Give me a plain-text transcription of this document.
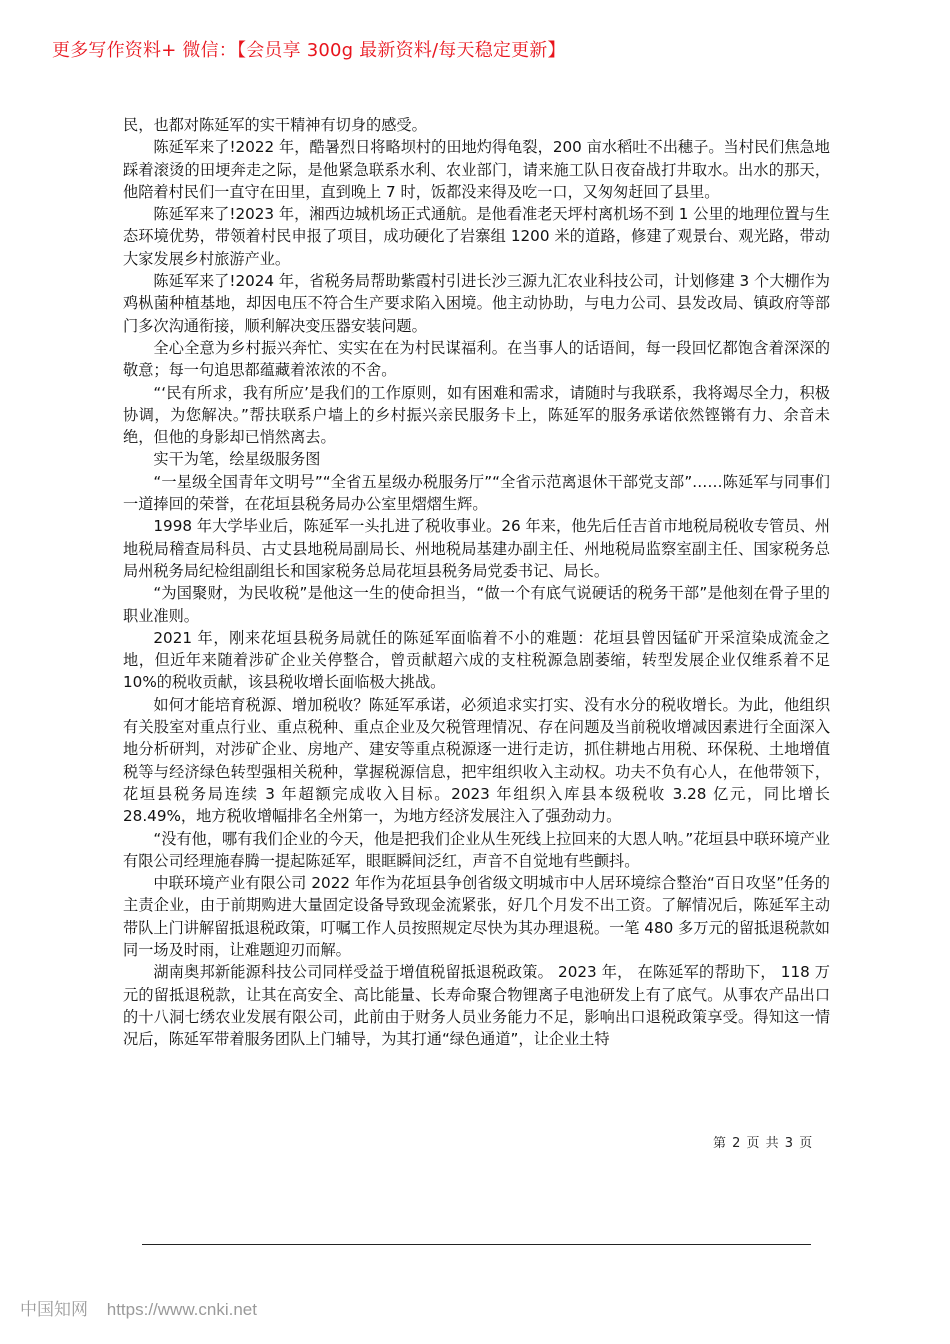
更多写作资料+ 微信：【会员享 300g 最新资料/每天稳定更新】

民，也都对陈延军的实干精神有切身的感受。

陈延军来了!2022 年，酷暑烈日将略坝村的田地灼得龟裂，200 亩水稻吐不出穗子。当村民们焦急地踩着滚烫的田埂奔走之际，是他紧急联系水利、农业部门，请来施工队日夜奋战打井取水。出水的那天，他陪着村民们一直守在田里，直到晚上 7 时，饭都没来得及吃一口，又匆匆赶回了县里。

陈延军来了!2023 年，湘西边城机场正式通航。是他看准老天坪村离机场不到 1 公里的地理位置与生态环境优势，带领着村民申报了项目，成功硬化了岩寨组 1200 米的道路，修建了观景台、观光路，带动大家发展乡村旅游产业。

陈延军来了!2024 年，省税务局帮助紫霞村引进长沙三源九汇农业科技公司，计划修建 3 个大棚作为鸡枞菌种植基地，却因电压不符合生产要求陷入困境。他主动协助，与电力公司、县发改局、镇政府等部门多次沟通衔接，顺利解决变压器安装问题。

全心全意为乡村振兴奔忙、实实在在为村民谋福利。在当事人的话语间，每一段回忆都饱含着深深的敬意；每一句追思都蕴藏着浓浓的不舍。

“‘民有所求，我有所应’是我们的工作原则，如有困难和需求，请随时与我联系，我将竭尽全力，积极协调，为您解决。”帮扶联系户墙上的乡村振兴亲民服务卡上，陈延军的服务承诺依然铿锵有力、余音未绝，但他的身影却已悄然离去。

实干为笔，绘星级服务图

“一星级全国青年文明号”“全省五星级办税服务厅”“全省示范离退休干部党支部”……陈延军与同事们一道捧回的荣誉，在花垣县税务局办公室里熠熠生辉。

1998 年大学毕业后，陈延军一头扎进了税收事业。26 年来，他先后任吉首市地税局税收专管员、州地税局稽查局科员、古丈县地税局副局长、州地税局基建办副主任、州地税局监察室副主任、国家税务总局州税务局纪检组副组长和国家税务总局花垣县税务局党委书记、局长。

“为国聚财，为民收税”是他这一生的使命担当，“做一个有底气说硬话的税务干部”是他刻在骨子里的职业准则。

2021 年，刚来花垣县税务局就任的陈延军面临着不小的难题：花垣县曾因锰矿开采渲染成流金之地，但近年来随着涉矿企业关停整合，曾贡献超六成的支柱税源急剧萎缩，转型发展企业仅维系着不足 10%的税收贡献，该县税收增长面临极大挑战。

如何才能培育税源、增加税收？陈延军承诺，必须追求实打实、没有水分的税收增长。为此，他组织有关股室对重点行业、重点税种、重点企业及欠税管理情况、存在问题及当前税收增减因素进行全面深入地分析研判，对涉矿企业、房地产、建安等重点税源逐一进行走访，抓住耕地占用税、环保税、土地增值税等与经济绿色转型强相关税种，掌握税源信息，把牢组织收入主动权。功夫不负有心人，在他带领下，花垣县税务局连续 3 年超额完成收入目标。2023 年组织入库县本级税收 3.28 亿元，同比增长 28.49%，地方税收增幅排名全州第一，为地方经济发展注入了强劲动力。

“没有他，哪有我们企业的今天，他是把我们企业从生死线上拉回来的大恩人呐。”花垣县中联环境产业有限公司经理施春腾一提起陈延军，眼眶瞬间泛红，声音不自觉地有些颤抖。

中联环境产业有限公司 2022 年作为花垣县争创省级文明城市中人居环境综合整治“百日攻坚”任务的主责企业，由于前期购进大量固定设备导致现金流紧张，好几个月发不出工资。了解情况后，陈延军主动带队上门讲解留抵退税政策，叮嘱工作人员按照规定尽快为其办理退税。一笔 480 多万元的留抵退税款如同一场及时雨，让难题迎刃而解。

湖南奥邦新能源科技公司同样受益于增值税留抵退税政策。 2023 年， 在陈延军的帮助下， 118 万元的留抵退税款，让其在高安全、高比能量、长寿命聚合物锂离子电池研发上有了底气。从事农产品出口的十八洞七绣农业发展有限公司，此前由于财务人员业务能力不足，影响出口退税政策享受。得知这一情况后，陈延军带着服务团队上门辅导，为其打通“绿色通道”，让企业土特

第 2 页 共 3 页
中国知网 https://www.cnki.net
